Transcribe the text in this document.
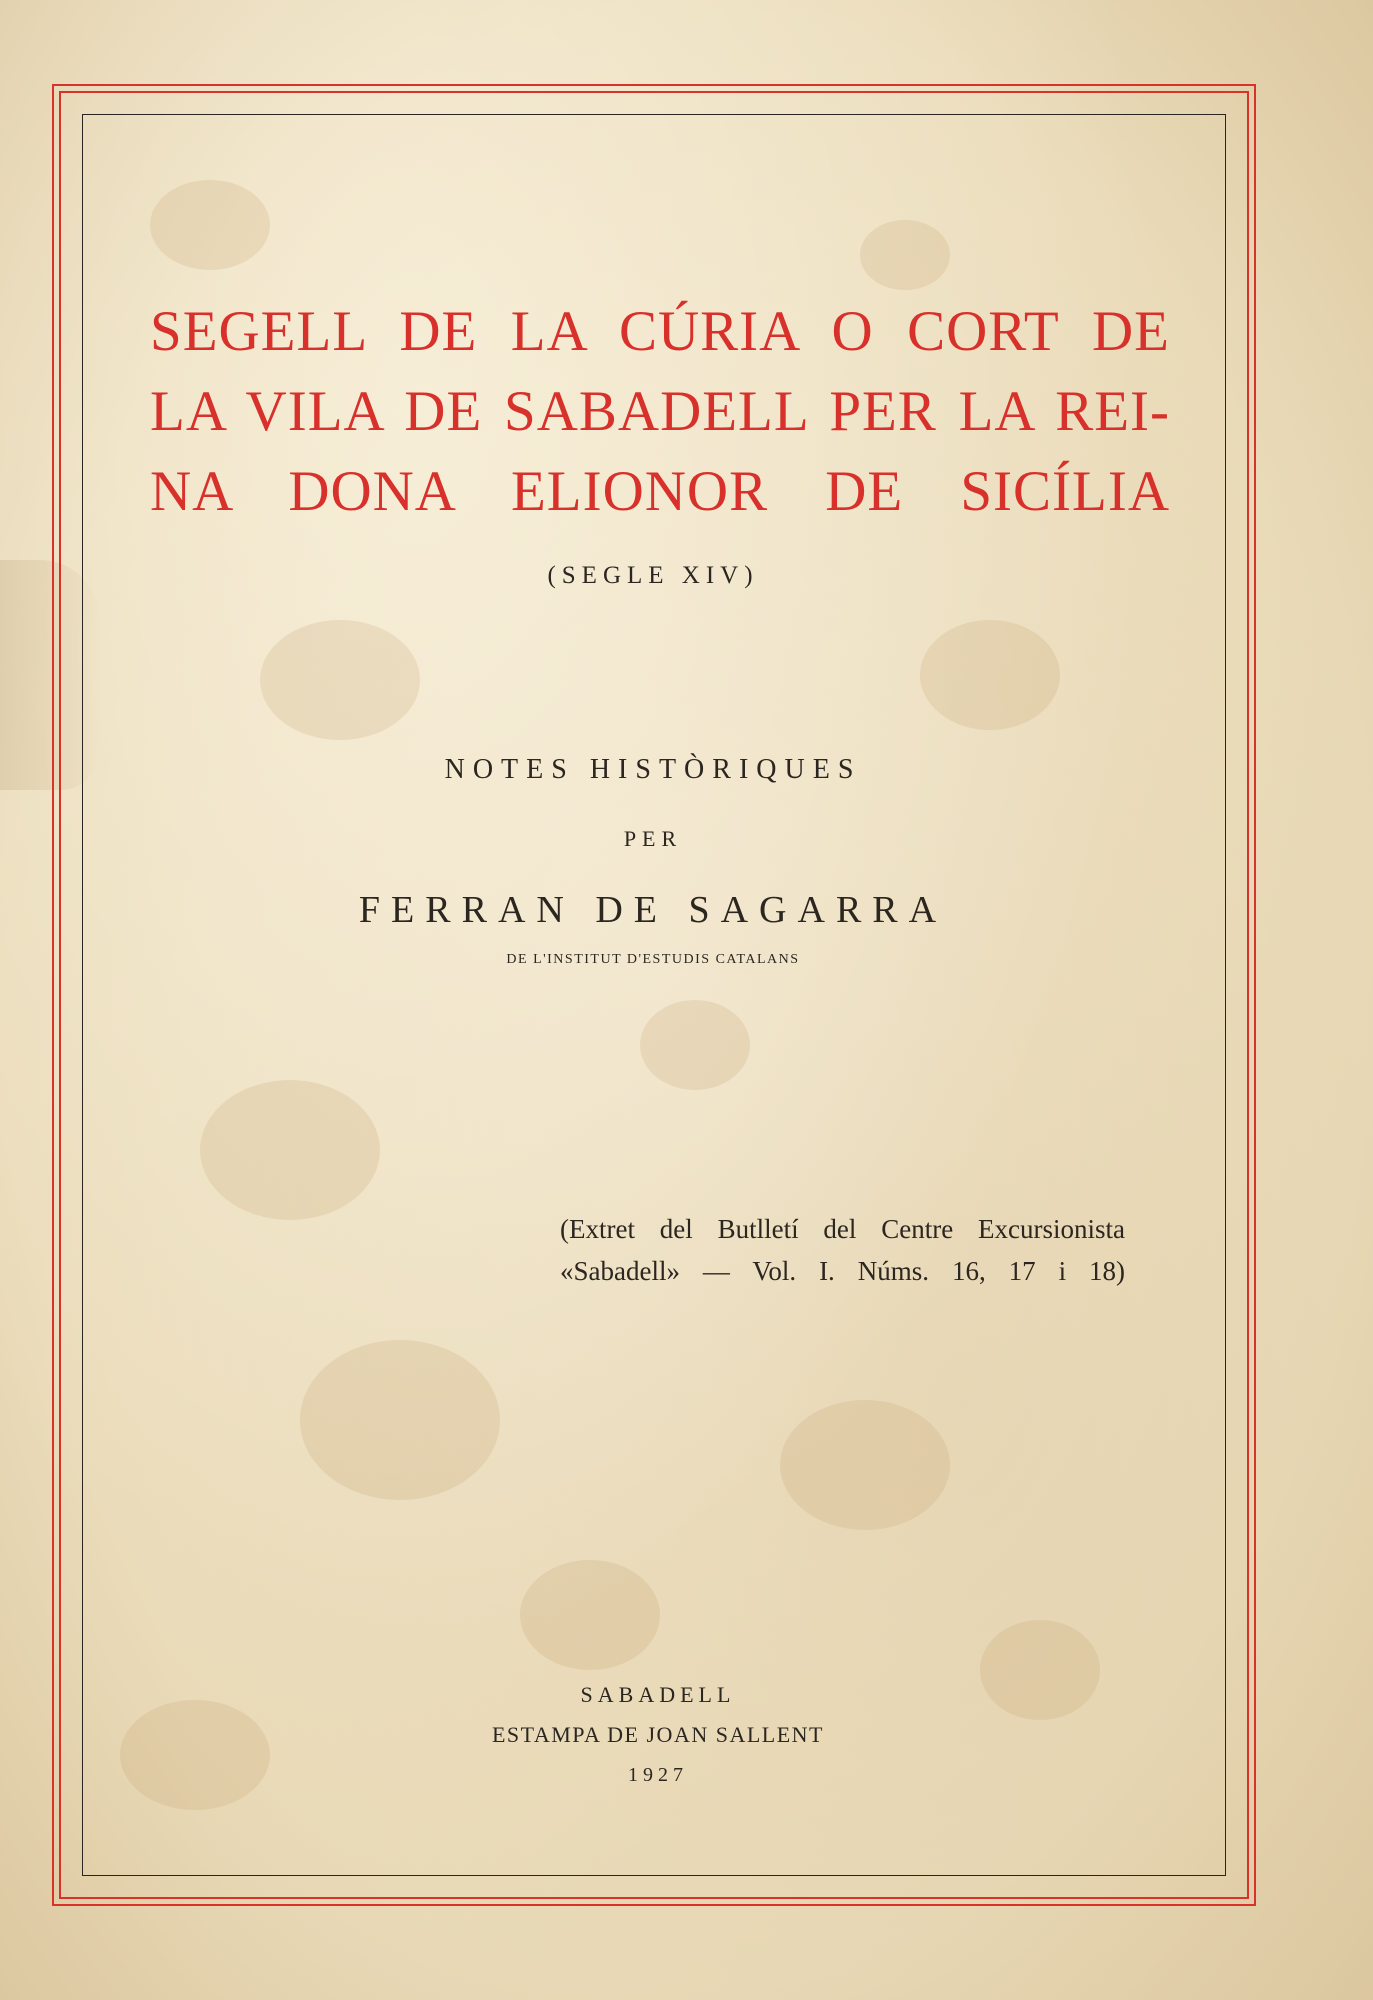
SEGELL DE LA CÚRIA O CORT DE
LA VILA DE SABADELL PER LA REI-
NA DONA ELIONOR DE SICÍLIA
(SEGLE XIV)
NOTES HISTÒRIQUES
PER
FERRAN DE SAGARRA
DE L'INSTITUT D'ESTUDIS CATALANS
(Extret del Butlletí del Centre Excursionista
«Sabadell» — Vol. I. Núms. 16, 17 i 18)
SABADELL
ESTAMPA DE JOAN SALLENT
1927
